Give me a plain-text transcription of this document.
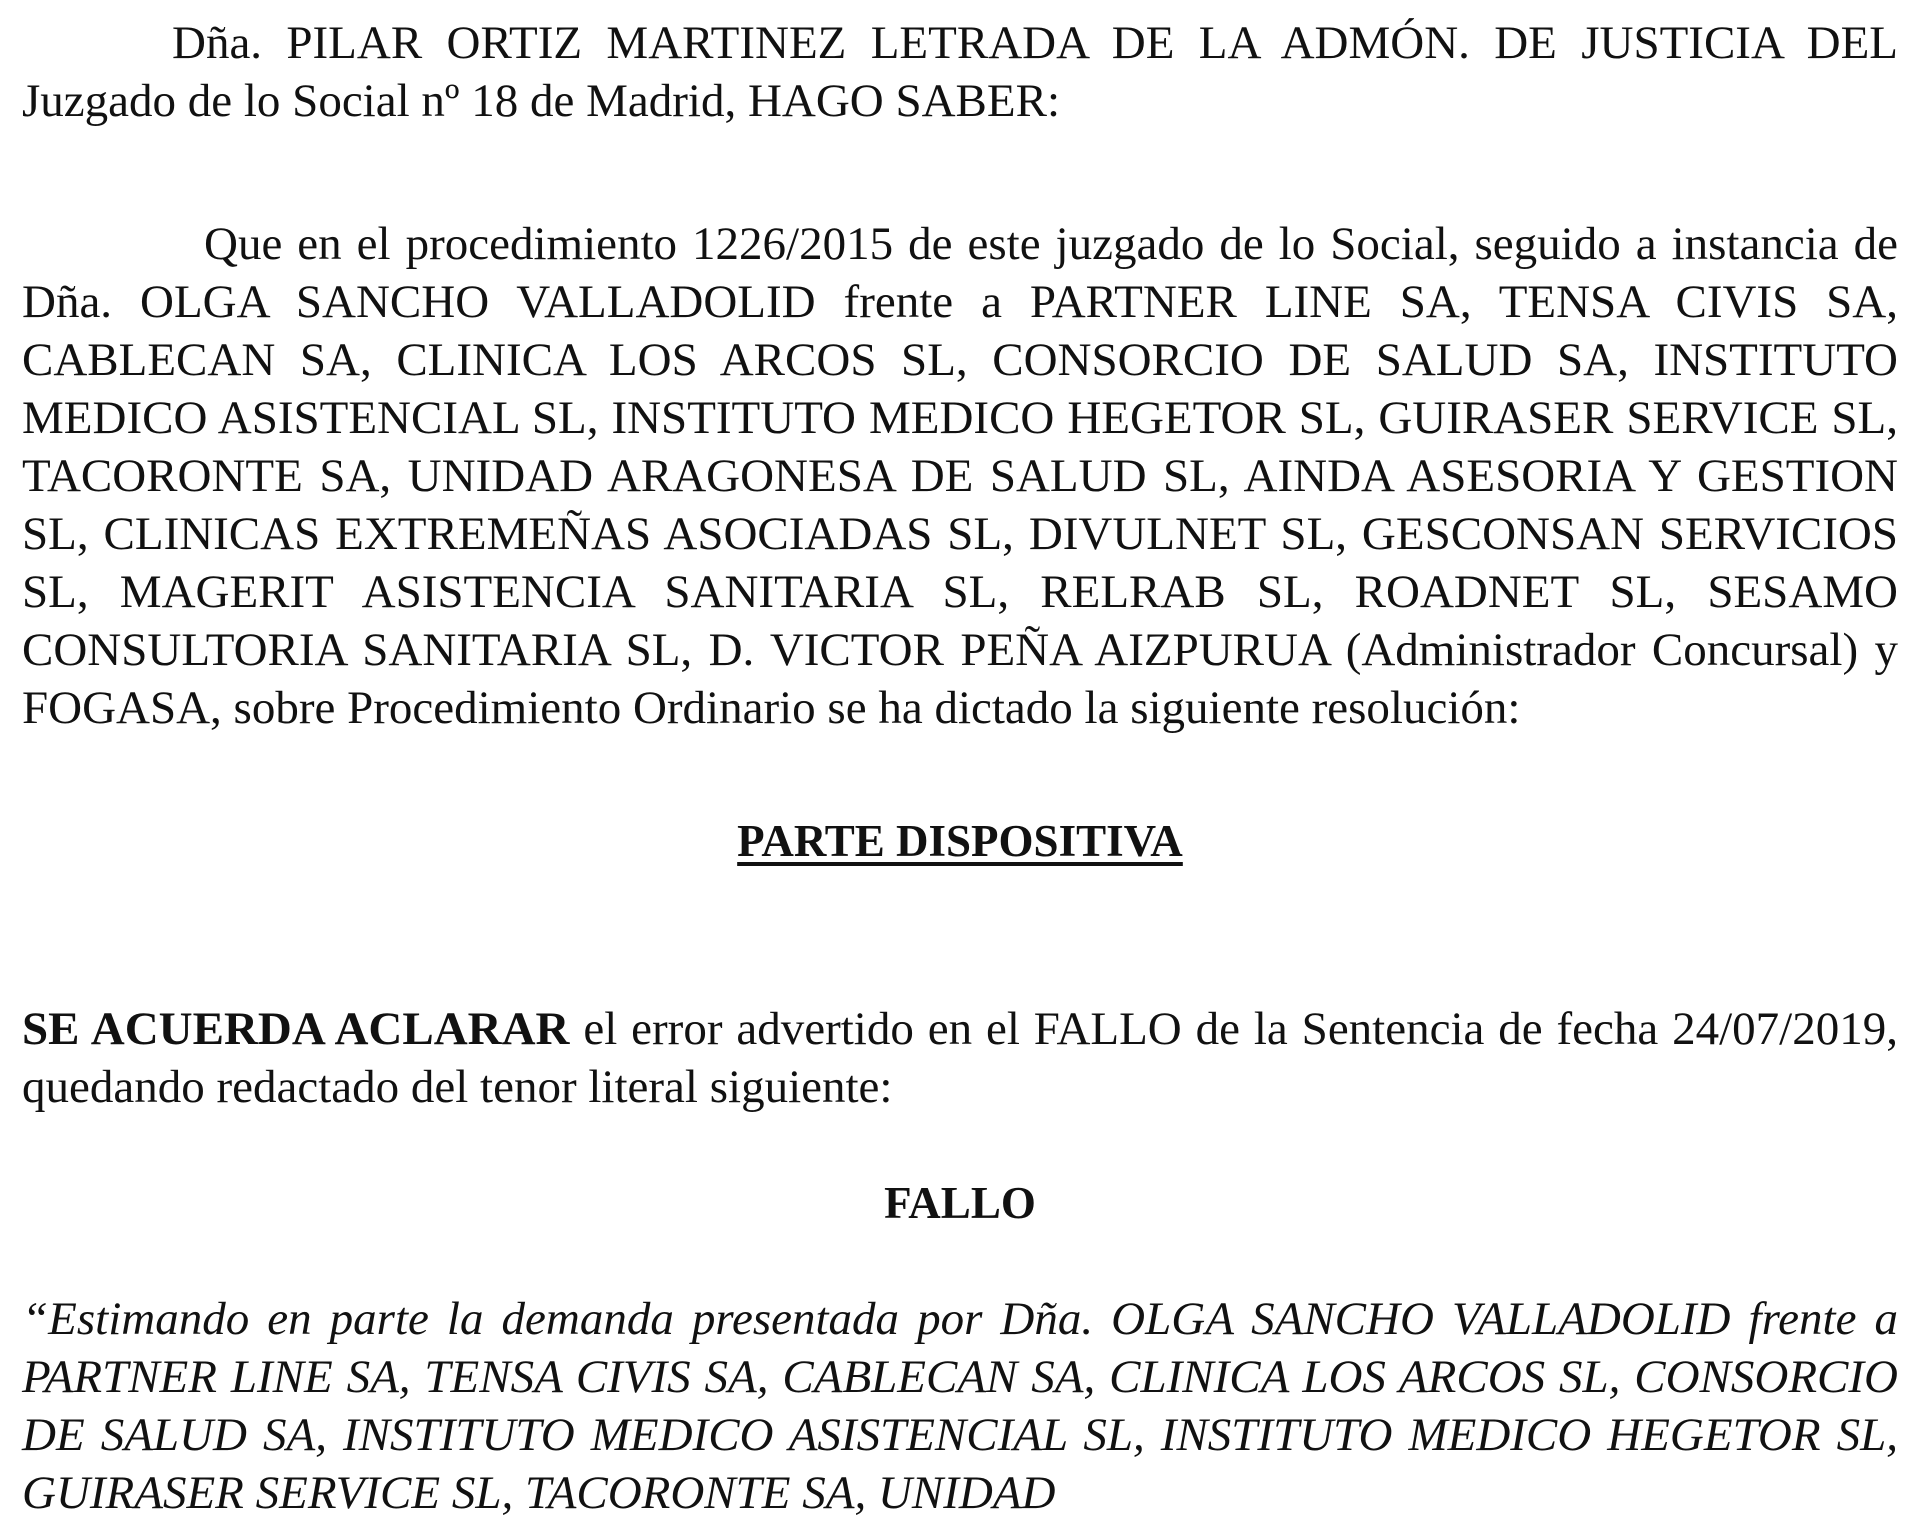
Dña. PILAR ORTIZ MARTINEZ LETRADA DE LA ADMÓN. DE JUSTICIA DEL Juzgado de lo Social nº 18 de Madrid, HAGO SABER:

Que en el procedimiento 1226/2015 de este juzgado de lo Social, seguido a instancia de Dña. OLGA SANCHO VALLADOLID frente a PARTNER LINE SA, TENSA CIVIS SA, CABLECAN SA, CLINICA LOS ARCOS SL, CONSORCIO DE SALUD SA, INSTITUTO MEDICO ASISTENCIAL SL, INSTITUTO MEDICO HEGETOR SL, GUIRASER SERVICE SL, TACORONTE SA, UNIDAD ARAGONESA DE SALUD SL, AINDA ASESORIA Y GESTION SL, CLINICAS EXTREMEÑAS ASOCIADAS SL, DIVULNET SL, GESCONSAN SERVICIOS SL, MAGERIT ASISTENCIA SANITARIA SL, RELRAB SL, ROADNET SL, SESAMO CONSULTORIA SANITARIA SL, D. VICTOR PEÑA AIZPURUA (Administrador Concursal) y FOGASA, sobre Procedimiento Ordinario se ha dictado la siguiente resolución:

PARTE DISPOSITIVA

SE ACUERDA ACLARAR el error advertido en el FALLO de la Sentencia de fecha 24/07/2019, quedando redactado del tenor literal siguiente:

FALLO

“Estimando en parte la demanda presentada por Dña. OLGA SANCHO VALLADOLID frente a PARTNER LINE SA, TENSA CIVIS SA, CABLECAN SA, CLINICA LOS ARCOS SL, CONSORCIO DE SALUD SA, INSTITUTO MEDICO ASISTENCIAL SL, INSTITUTO MEDICO HEGETOR SL, GUIRASER SERVICE SL, TACORONTE SA, UNIDAD
